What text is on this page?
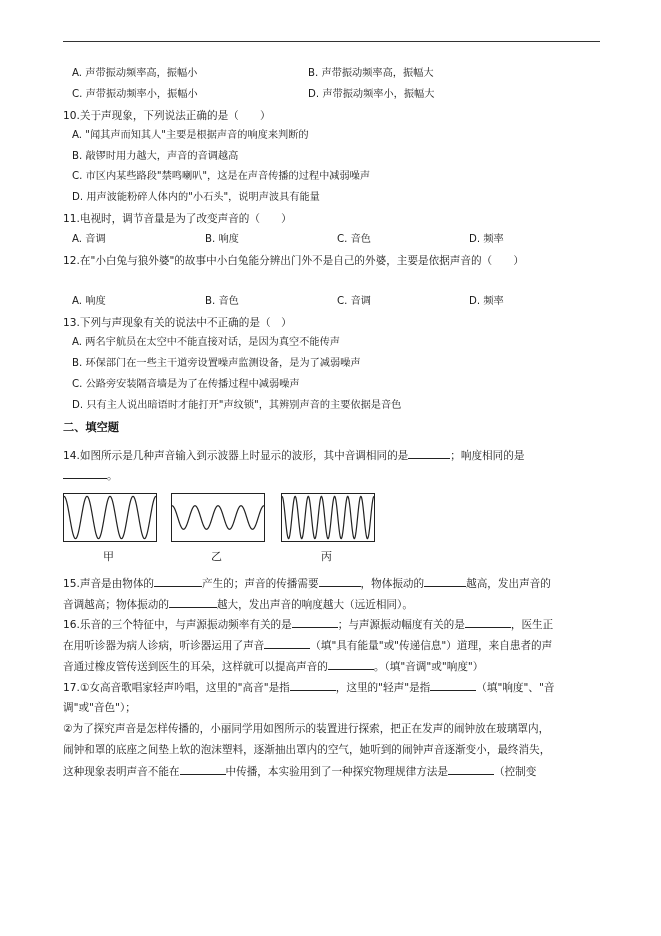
A. 声带振动频率高，振幅小	B. 声带振动频率高，振幅大
C. 声带振动频率小，振幅小	D. 声带振动频率小，振幅大
10.关于声现象，下列说法正确的是（　　）
A. "闻其声而知其人"主要是根据声音的响度来判断的
B. 敲锣时用力越大，声音的音调越高
C. 市区内某些路段"禁鸣喇叭"，这是在声音传播的过程中减弱噪声
D. 用声波能粉碎人体内的"小石头"，说明声波具有能量
11.电视时，调节音量是为了改变声音的（　　）
A. 音调	B. 响度	C. 音色	D. 频率
12.在"小白兔与狼外婆"的故事中小白兔能分辨出门外不是自己的外婆，主要是依据声音的（　　）
A. 响度	B. 音色	C. 音调	D. 频率
13.下列与声现象有关的说法中不正确的是（　）
A. 两名宇航员在太空中不能直接对话，是因为真空不能传声
B. 环保部门在一些主干道旁设置噪声监测设备，是为了减弱噪声
C. 公路旁安装隔音墙是为了在传播过程中减弱噪声
D. 只有主人说出暗语时才能打开"声纹锁"，其辨别声音的主要依据是音色
二、填空题
14.如图所示是几种声音输入到示波器上时显示的波形，其中音调相同的是	；响度相同的是
。
甲	乙	丙
15.声音是由物体的	产生的；声音的传播需要	，物体振动的	越高，发出声音的
音调越高；物体振动的	越大，发出声音的响度越大（远近相同）。
16.乐音的三个特征中，与声源振动频率有关的是	；与声源振动幅度有关的是	，医生正
在用听诊器为病人诊病，听诊器运用了声音	（填"具有能量"或"传递信息"）道理，来自患者的声
音通过橡皮管传送到医生的耳朵，这样就可以提高声音的	。（填"音调"或"响度"）
17.①女高音歌唱家轻声吟唱，这里的"高音"是指	，这里的"轻声"是指	（填"响度"、"音
调"或"音色"）；
②为了探究声音是怎样传播的，小丽同学用如图所示的装置进行探索，把正在发声的闹钟放在玻璃罩内，
闹钟和罩的底座之间垫上软的泡沫塑料，逐渐抽出罩内的空气，她听到的闹钟声音逐渐变小，最终消失，
这种现象表明声音不能在	中传播，本实验用到了一种探究物理规律方法是	（控制变
